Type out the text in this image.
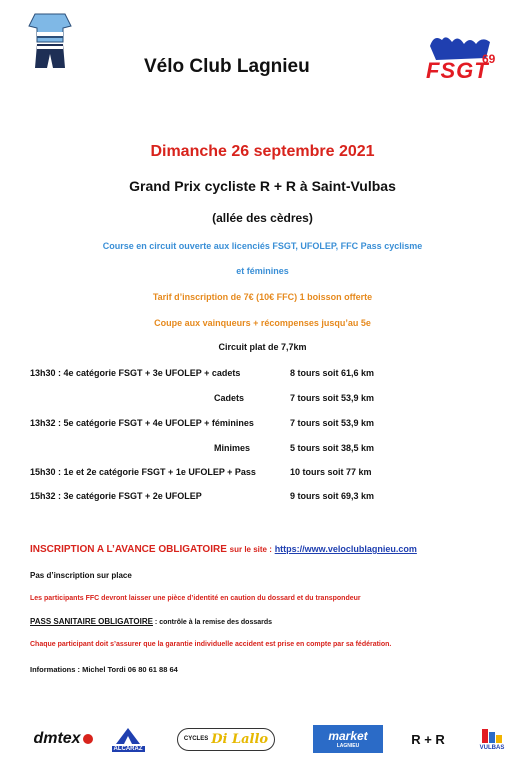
Vélo Club Lagnieu	FSGT
69
Dimanche 26 septembre 2021
Grand Prix cycliste R + R à Saint-Vulbas
(allée des cèdres)
Course en circuit ouverte aux licenciés FSGT, UFOLEP, FFC Pass cyclisme
et féminines
Tarif d’inscription de 7€ (10€ FFC) 1 boisson offerte
Coupe aux vainqueurs + récompenses jusqu’au 5e
Circuit plat de 7,7km
13h30 : 4e catégorie FSGT + 3e UFOLEP + cadets	8 tours soit 61,6 km
Cadets	7 tours soit 53,9 km
13h32 : 5e catégorie FSGT + 4e UFOLEP + féminines	7 tours soit 53,9 km
Minimes	5 tours soit 38,5 km
15h30 : 1e et 2e catégorie FSGT + 1e UFOLEP + Pass	10 tours soit 77 km
15h32 : 3e catégorie FSGT + 2e UFOLEP	9 tours soit 69,3 km
INSCRIPTION A L’AVANCE OBLIGATOIRE sur le site : https://www.veloclublagnieu.com
Pas d’inscription sur place
Les participants FFC devront laisser une pièce d’identité en caution du dossard et du transpondeur
PASS SANITAIRE OBLIGATOIRE : contrôle à la remise des dossards
Chaque participant doit s’assurer que la garantie individuelle accident est prise en compte par sa fédération.
Informations : Michel Tordi 06 80 61 88 64
dmtex
ALCARAZ
CYCLES Di Lallo	market
LAGNIEU	R + R
VULBAS
